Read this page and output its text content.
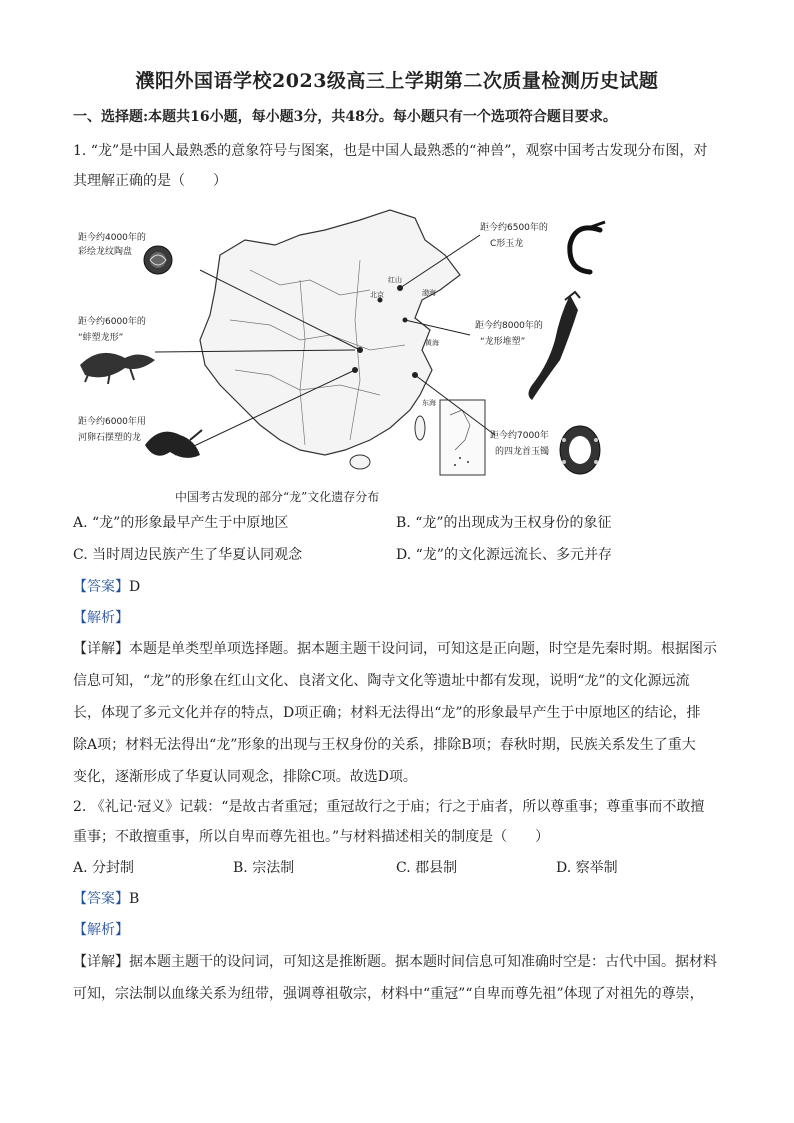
濮阳外国语学校2023级高三上学期第二次质量检测历史试题
一、选择题:本题共16小题，每小题3分，共48分。每小题只有一个选项符合题目要求。
1. “龙”是中国人最熟悉的意象符号与图案，也是中国人最熟悉的“神兽”，观察中国考古发现分布图，对
其理解正确的是（　　）
红山
北京	渤海
黄海
东海
距今约4000年的
彩绘龙纹陶盘
距今约6000年的
“蚌塑龙形”
距今约6000年用
河卵石摆塑的龙
距今约6500年的
C形玉龙
距今约8000年的
“龙形堆塑”
距今约7000年
的四龙首玉镯
中国考古发现的部分“龙”文化遗存分布
A. “龙”的形象最早产生于中原地区	B. “龙”的出现成为王权身份的象征
C. 当时周边民族产生了华夏认同观念	D. “龙”的文化源远流长、多元并存
【答案】D
【解析】
【详解】本题是单类型单项选择题。据本题主题干设问词，可知这是正向题，时空是先秦时期。根据图示
信息可知，“龙”的形象在红山文化、良渚文化、陶寺文化等遗址中都有发现，说明“龙”的文化源远流
长，体现了多元文化并存的特点，D项正确；材料无法得出“龙”的形象最早产生于中原地区的结论，排
除A项；材料无法得出“龙”形象的出现与王权身份的关系，排除B项；春秋时期，民族关系发生了重大
变化，逐渐形成了华夏认同观念，排除C项。故选D项。
2. 《礼记·冠义》记载：“是故古者重冠；重冠故行之于庙；行之于庙者，所以尊重事；尊重事而不敢擅
重事；不敢擅重事，所以自卑而尊先祖也。”与材料描述相关的制度是（　　）
A. 分封制	B. 宗法制	C. 郡县制	D. 察举制
【答案】B
【解析】
【详解】据本题主题干的设问词，可知这是推断题。据本题时间信息可知准确时空是：古代中国。据材料
可知，宗法制以血缘关系为纽带，强调尊祖敬宗，材料中“重冠”“自卑而尊先祖”体现了对祖先的尊崇，
